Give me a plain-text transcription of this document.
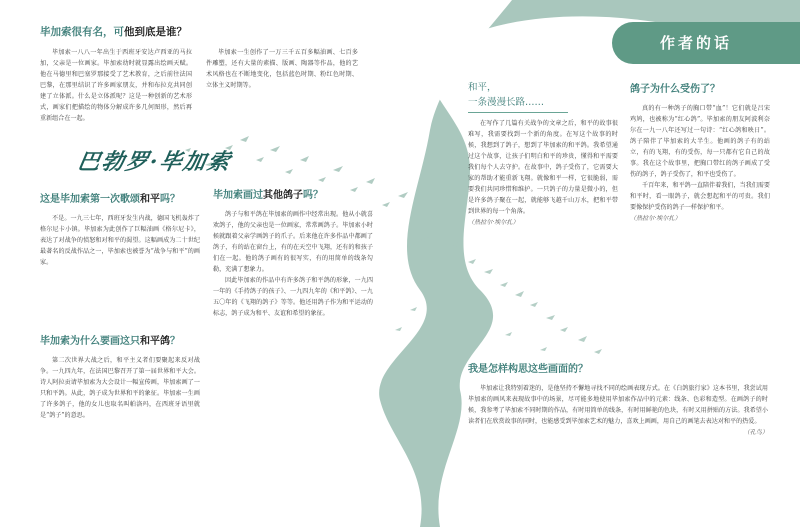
毕加索很有名，可他到底是谁？

毕加索一八八一年出生于西班牙安达卢西亚的马拉加，父亲是一位画家。毕加索幼时就显露出绘画天赋。他在马德里和巴塞罗那接受了艺术教育，之后前往法国巴黎，在那里结识了许多画家朋友，并和布拉克共同创建了立体派。什么是立体派呢？这是一种创新的艺术形式，画家们把描绘的物体分解成许多几何图形，然后再重新组合在一起。

毕加索一生创作了一万三千五百多幅油画、七百多件雕塑，还有大量的素描、版画、陶器等作品，他的艺术风格也在不断地变化，包括蓝色时期、粉红色时期、立体主义时期等。

巴勃罗·毕加索
这是毕加索第一次歌颂和平吗？

不是。一九三七年，西班牙发生内战，德国飞机轰炸了格尔尼卡小镇。毕加索为此创作了巨幅油画《格尔尼卡》，表达了对战争的愤怒和对和平的渴望。这幅画成为二十世纪最著名的反战作品之一，毕加索也被誉为“战争与和平”的画家。

毕加索为什么要画这只和平鸽？

第二次世界大战之后，和平主义者们要聚起来反对战争。一九四九年，在法国巴黎召开了第一届世界和平大会。诗人阿拉贡请毕加索为大会设计一幅宣传画，毕加索画了一只和平鸽。从此，鸽子成为世界和平的象征。毕加索一生画了许多鸽子，他的女儿也取名叫帕洛玛，在西班牙语里就是“鸽子”的意思。

毕加索画过其他鸽子吗？

鸽子与和平鸽在毕加索的画作中经常出现。他从小就喜欢鸽子，他的父亲也是一位画家，常常画鸽子。毕加索小时候就跟着父亲学画鸽子的爪子。后来他在许多作品中都画了鸽子，有的站在窗台上，有的在天空中飞翔，还有的和孩子们在一起。他的鸽子画有的很写实，有的用简单的线条勾勒，充满了想象力。

因此毕加索的作品中有许多鸽子和平鸽的形象，一九四一年的《手持鸽子的孩子》、一九四九年的《和平鸽》、一九五〇年的《飞翔的鸽子》等等。他还用鸽子作为和平运动的标志，鸽子成为和平、友谊和希望的象征。

作者的话
和平，
一条漫漫长路……

在写作了几篇有关战争的文章之后，和平的故事很难写，我需要找到一个新的角度。在写这个故事的时候，我想到了鸽子，想到了毕加索的和平鸽。我希望通过这个故事，让孩子们明白和平的珍贵，懂得和平需要我们每个人去守护。在故事中，鸽子受伤了，它需要大家的帮助才能重新飞翔。就像和平一样，它很脆弱，需要我们共同珍惜和维护。一只鸽子的力量是微小的，但是许多鸽子聚在一起，就能够飞越千山万水，把和平带到世界的每一个角落。

（热拉尔·埃尔扎）
鸽子为什么受伤了？

真的有一种鸽子的胸口带“血”！它们就是吕宋鸡鸠，也被称为“红心鸽”。毕加索的朋友阿波利奈尔在一九一八年还写过一句诗：“红心鸽和映日”。鸽子陪伴了毕加索的大半生。他画的鸽子有的站立，有的飞翔，有的受伤，每一只都有它自己的故事。我在这个故事里，把胸口带红的鸽子画成了受伤的鸽子，鸽子受伤了，和平也受伤了。

千百年来，和平鸽一直陪伴着我们，当我们需要和平时，看一眼鸽子，就会想起和平的可贵。我们要像保护受伤的鸽子一样保护和平。

（热拉尔·埃尔扎）
我是怎样构思这些画面的？

毕加索让我特别着迷的，是他坚持不懈地寻找不同的绘画表现方式。在《白鸽旅行家》这本书里，我尝试用毕加索的画风来表现故事中的场景，尽可能多地使用毕加索作品中的元素：线条、色彩和造型。在画鸽子的时候，我参考了毕加索不同时期的作品，有时用简单的线条，有时用鲜艳的色块，有时又用拼贴的方法。我希望小读者们在欣赏故事的同时，也能感受到毕加索艺术的魅力，喜欢上画画，用自己的画笔去表达对和平的热爱。

（孔鸟）
